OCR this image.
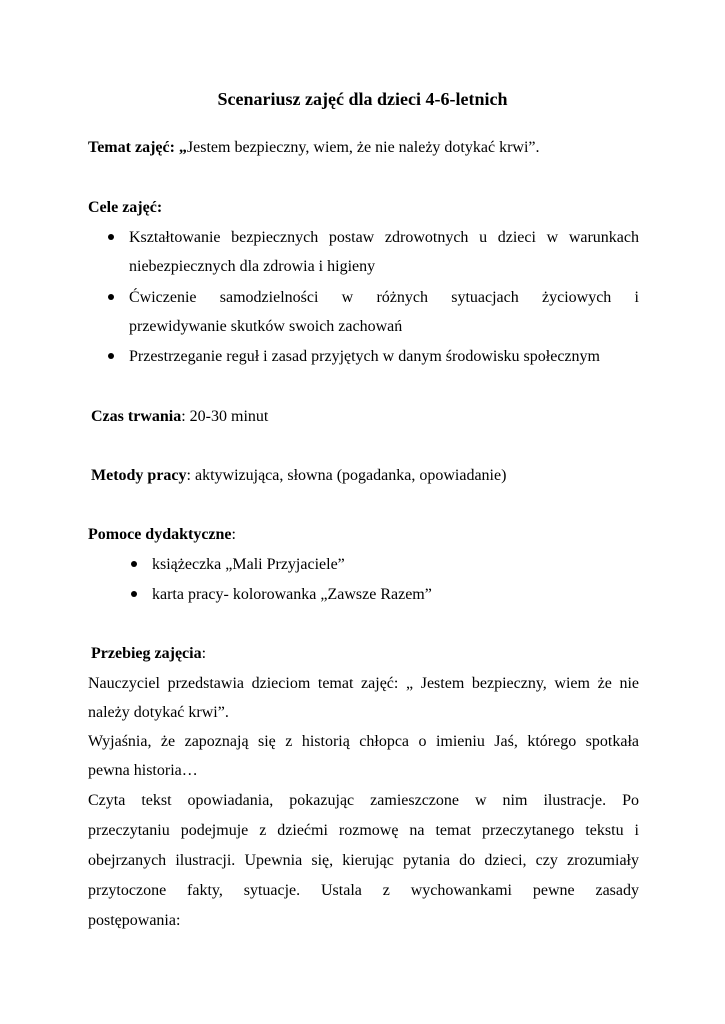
Scenariusz zajęć dla dzieci 4-6-letnich
Temat zajęć: „Jestem bezpieczny, wiem, że nie należy dotykać krwi”.
Cele zajęć:
Kształtowanie bezpiecznych postaw zdrowotnych u dzieci w warunkach
niebezpiecznych dla zdrowia i higieny
Ćwiczenie samodzielności w różnych sytuacjach życiowych i
przewidywanie skutków swoich zachowań
Przestrzeganie reguł i zasad przyjętych w danym środowisku społecznym
Czas trwania: 20-30 minut
Metody pracy: aktywizująca, słowna (pogadanka, opowiadanie)
Pomoce dydaktyczne:
książeczka „Mali Przyjaciele”
karta pracy- kolorowanka „Zawsze Razem”
Przebieg zajęcia:
Nauczyciel przedstawia dzieciom temat zajęć: „ Jestem bezpieczny, wiem że nie
należy dotykać krwi”.
Wyjaśnia, że zapoznają się z historią chłopca o imieniu Jaś, którego spotkała
pewna historia…
Czyta tekst opowiadania, pokazując zamieszczone w nim ilustracje. Po
przeczytaniu podejmuje z dziećmi rozmowę na temat przeczytanego tekstu i
obejrzanych ilustracji. Upewnia się, kierując pytania do dzieci, czy zrozumiały
przytoczone fakty, sytuacje. Ustala z wychowankami pewne zasady
postępowania:
